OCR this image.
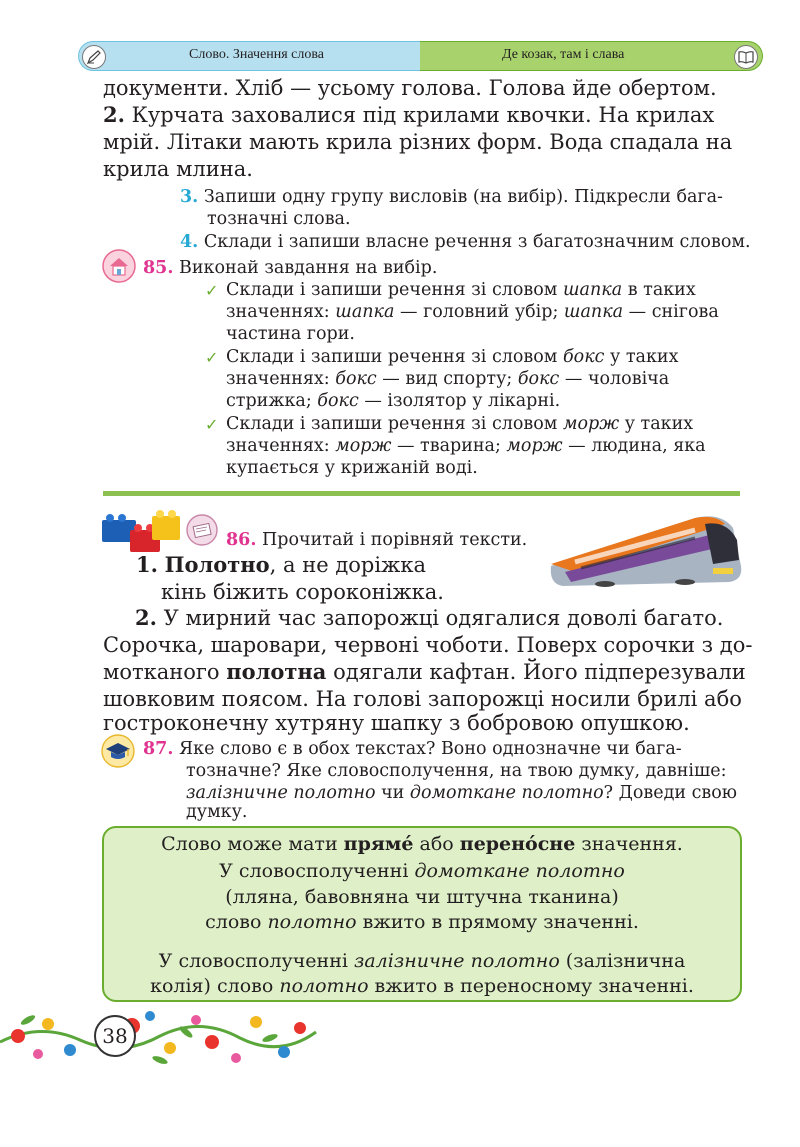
Слово. Значення слова	Де козак, там і слава
документи. Хліб — усьому голова. Голова йде обертом.
2. Курчата заховалися під крилами квочки. На крилах
мрій. Літаки мають крила різних форм. Вода спадала на
крила млина.
3. Запиши одну групу висловів (на вибір). Підкресли бага-
тозначні слова.
4. Склади і запиши власне речення з багатозначним словом.
85. Виконай завдання на вибір.
✓ Склади і запиши речення зі словом шапка в таких
значеннях: шапка — головний убір; шапка — снігова
частина гори.
✓ Склади і запиши речення зі словом бокс у таких
значеннях: бокс — вид спорту; бокс — чоловіча
стрижка; бокс — ізолятор у лікарні.
✓ Склади і запиши речення зі словом морж у таких
значеннях: морж — тварина; морж — людина, яка
купається у крижаній воді.
86. Прочитай і порівняй тексти.
1. Полотно, а не доріжка
кінь біжить сороконіжка.
2. У мирний час запорожці одягалися доволі багато.
Сорочка, шаровари, червоні чоботи. Поверх сорочки з до-
мотканого полотна одягали кафтан. Його підперезували
шовковим поясом. На голові запорожці носили брилі або
гостроконечну хутряну шапку з бобровою опушкою.
87. Яке слово є в обох текстах? Воно однозначне чи бага-
тозначне? Яке словосполучення, на твою думку, давніше:
залізничне полотно чи домоткане полотно? Доведи свою
думку.
Слово може мати пряме́ або перено́сне значення.
У словосполученні домоткане полотно
(лляна, бавовняна чи штучна тканина)
слово полотно вжито в прямому значенні.
У словосполученні залізничне полотно (залізнична
колія) слово полотно вжито в переносному значенні.
38
